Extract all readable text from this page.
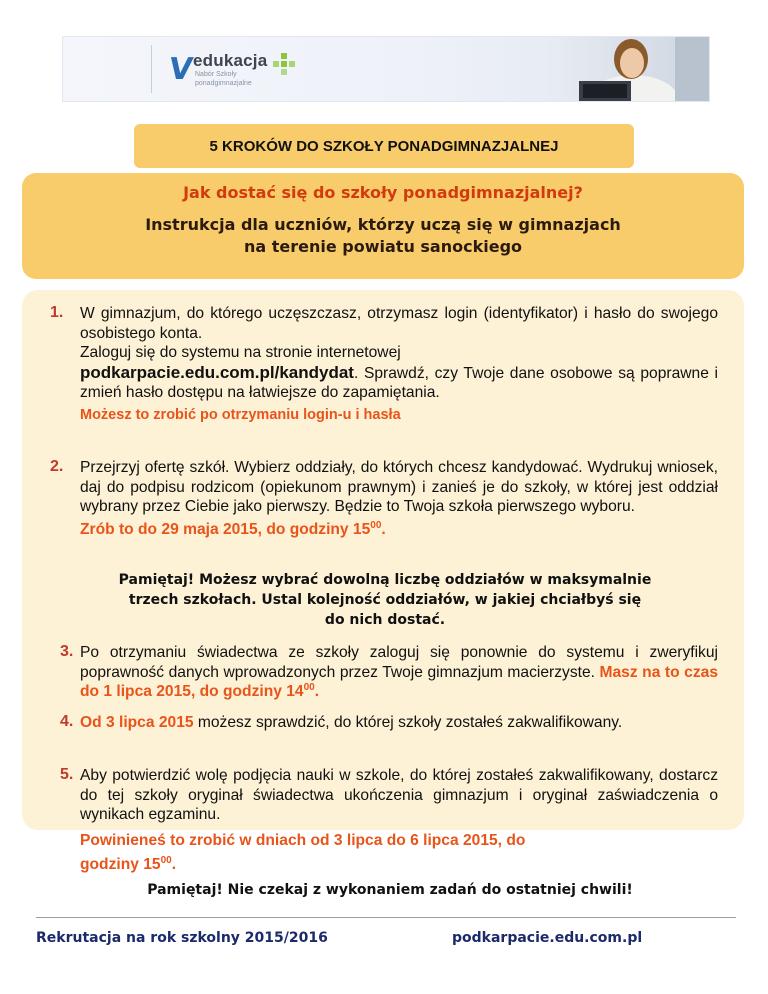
V
edukacja
Nabór Szkoły
ponadgimnazjalne
5 KROKÓW DO SZKOŁY PONADGIMNAZJALNEJ
Jak dostać się do szkoły ponadgimnazjalnej?
Instrukcja dla uczniów, którzy uczą się w gimnazjach
na terenie powiatu sanockiego
1.	W gimnazjum, do którego uczęszczasz, otrzymasz login (identyfikator) i hasło do swojego osobistego konta.
Zaloguj się do systemu na stronie internetowej
podkarpacie.edu.com.pl/kandydat. Sprawdź, czy Twoje dane osobowe są poprawne i zmień hasło dostępu na łatwiejsze do zapamiętania.
Możesz to zrobić po otrzymaniu login-u i hasła
2.	Przejrzyj ofertę szkół. Wybierz oddziały, do których chcesz kandydować. Wydrukuj wniosek, daj do podpisu rodzicom (opiekunom prawnym) i zanieś je do szkoły, w której jest oddział wybrany przez Ciebie jako pierwszy. Będzie to Twoja szkoła pierwszego wyboru.
Zrób to do 29 maja 2015, do godziny $15^{00}$.
Pamiętaj! Możesz wybrać dowolną liczbę oddziałów w maksymalnie
trzech szkołach. Ustal kolejność oddziałów, w jakiej chciałbyś się
do nich dostać.
3. Po otrzymaniu świadectwa ze szkoły zaloguj się ponownie do systemu i zweryfikuj poprawność danych wprowadzonych przez Twoje gimnazjum macierzyste. Masz na to czas do 1 lipca 2015, do godziny $14^{00}$.
4. Od 3 lipca 2015 możesz sprawdzić, do której szkoły zostałeś zakwalifikowany.
5. Aby potwierdzić wolę podjęcia nauki w szkole, do której zostałeś zakwalifikowany, dostarcz do tej szkoły oryginał świadectwa ukończenia gimnazjum i oryginał zaświadczenia o wynikach egzaminu.
Powinieneś to zrobić w dniach od 3 lipca do 6 lipca 2015, do
godziny $15^{00}$.
Pamiętaj! Nie czekaj z wykonaniem zadań do ostatniej chwili!
Rekrutacja na rok szkolny 2015/2016	podkarpacie.edu.com.pl
